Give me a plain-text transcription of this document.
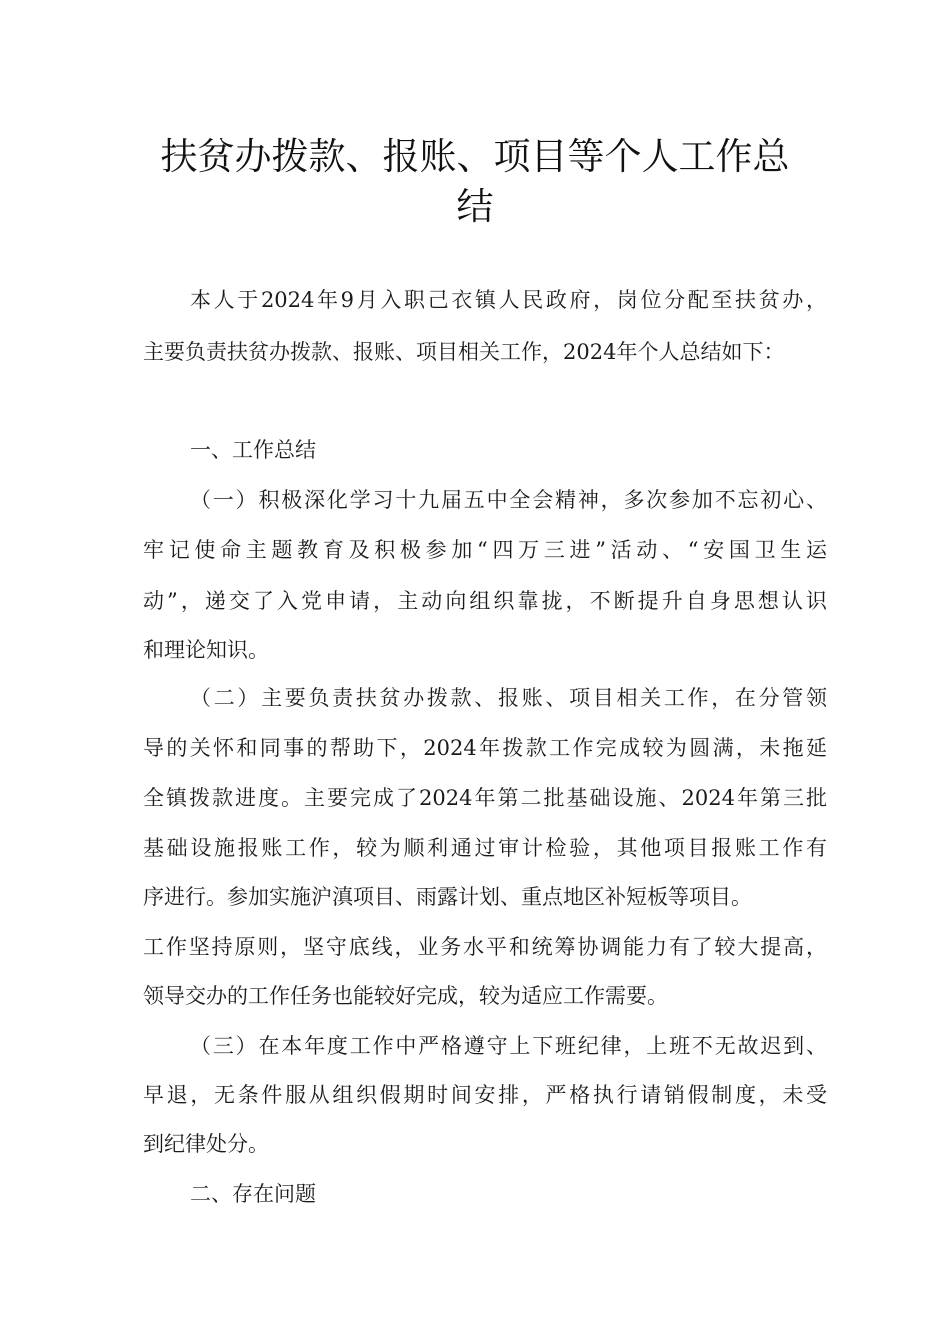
扶贫办拨款、报账、项目等个人工作总
结

本人于2024年9月入职己衣镇人民政府，岗位分配至扶贫办，

主要负责扶贫办拨款、报账、项目相关工作，2024年个人总结如下：

一、工作总结

（一）积极深化学习十九届五中全会精神，多次参加不忘初心、

牢记使命主题教育及积极参加“四万三进”活动、“安国卫生运

动”，递交了入党申请，主动向组织靠拢，不断提升自身思想认识

和理论知识。

（二）主要负责扶贫办拨款、报账、项目相关工作，在分管领

导的关怀和同事的帮助下，2024年拨款工作完成较为圆满，未拖延

全镇拨款进度。主要完成了2024年第二批基础设施、2024年第三批

基础设施报账工作，较为顺利通过审计检验，其他项目报账工作有

序进行。参加实施沪滇项目、雨露计划、重点地区补短板等项目。

工作坚持原则，坚守底线，业务水平和统筹协调能力有了较大提高，

领导交办的工作任务也能较好完成，较为适应工作需要。

（三）在本年度工作中严格遵守上下班纪律，上班不无故迟到、

早退，无条件服从组织假期时间安排，严格执行请销假制度，未受

到纪律处分。

二、存在问题
